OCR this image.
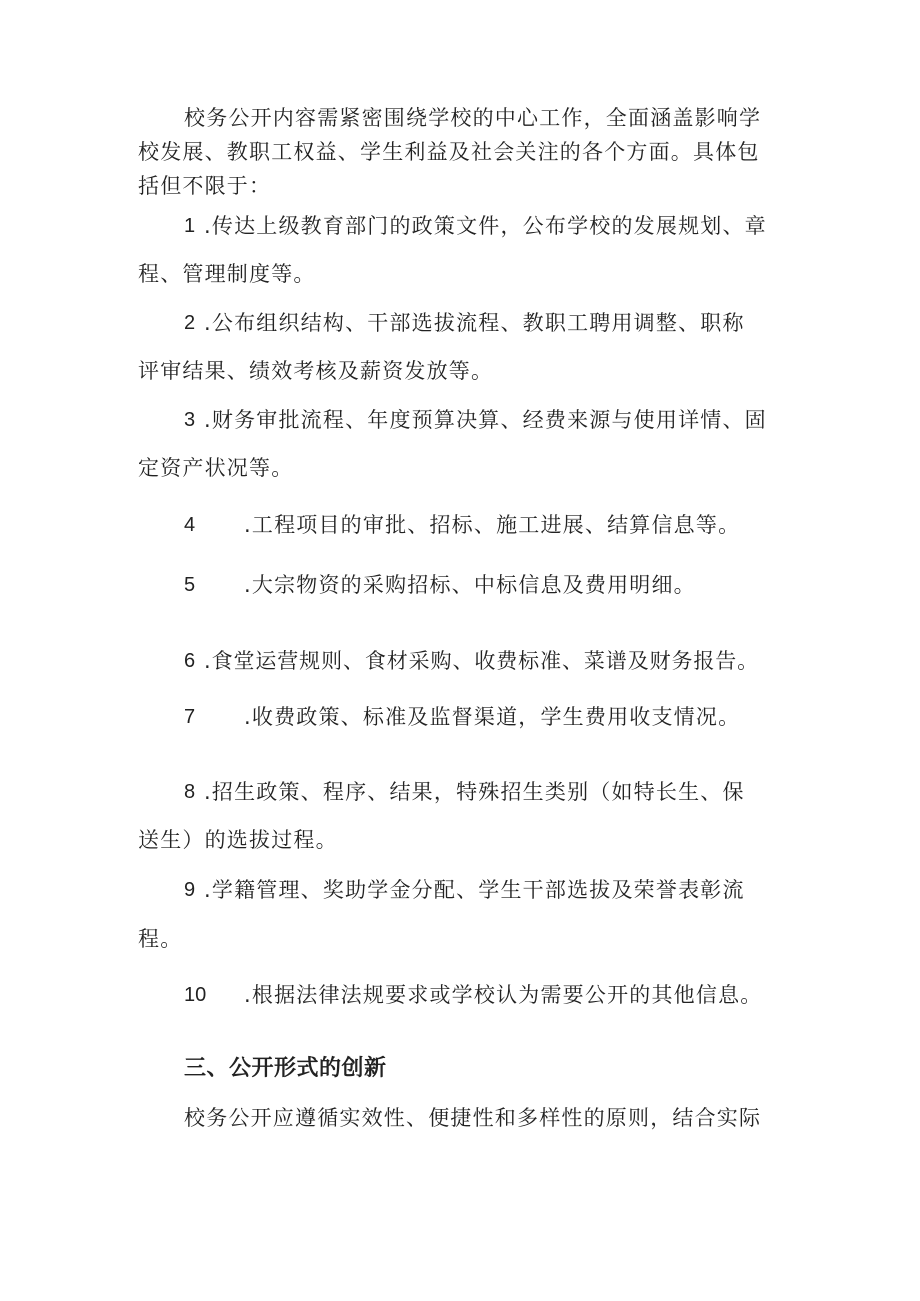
校务公开内容需紧密围绕学校的中心工作，全面涵盖影响学
校发展、教职工权益、学生利益及社会关注的各个方面。具体包
括但不限于：
1 .传达上级教育部门的政策文件，公布学校的发展规划、章
程、管理制度等。
2 .公布组织结构、干部选拔流程、教职工聘用调整、职称
评审结果、绩效考核及薪资发放等。
3 .财务审批流程、年度预算决算、经费来源与使用详情、固
定资产状况等。
4 .工程项目的审批、招标、施工进展、结算信息等。
5 .大宗物资的采购招标、中标信息及费用明细。
6 .食堂运营规则、食材采购、收费标准、菜谱及财务报告。
7 .收费政策、标准及监督渠道，学生费用收支情况。
8 .招生政策、程序、结果，特殊招生类别（如特长生、保
送生）的选拔过程。
9 .学籍管理、奖助学金分配、学生干部选拔及荣誉表彰流
程。
10 .根据法律法规要求或学校认为需要公开的其他信息。
三、公开形式的创新
校务公开应遵循实效性、便捷性和多样性的原则，结合实际
